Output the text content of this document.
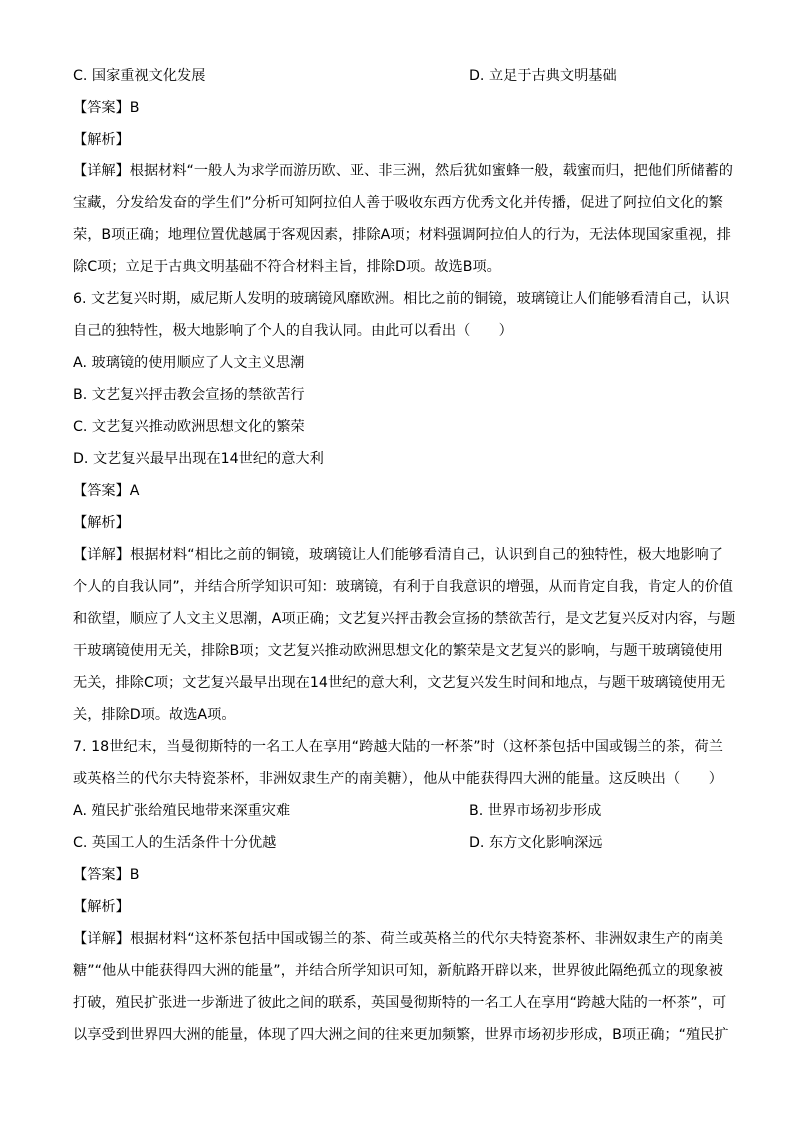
C. 国家重视文化发展	D. 立足于古典文明基础
【答案】B
【解析】
【详解】根据材料“一般人为求学而游历欧、亚、非三洲，然后犹如蜜蜂一般，载蜜而归，把他们所储蓄的
宝藏，分发给发奋的学生们”分析可知阿拉伯人善于吸收东西方优秀文化并传播，促进了阿拉伯文化的繁
荣，B项正确；地理位置优越属于客观因素，排除A项；材料强调阿拉伯人的行为，无法体现国家重视，排
除C项；立足于古典文明基础不符合材料主旨，排除D项。故选B项。
6. 文艺复兴时期，威尼斯人发明的玻璃镜风靡欧洲。相比之前的铜镜，玻璃镜让人们能够看清自己，认识
自己的独特性，极大地影响了个人的自我认同。由此可以看出（　　）
A. 玻璃镜的使用顺应了人文主义思潮
B. 文艺复兴抨击教会宣扬的禁欲苦行
C. 文艺复兴推动欧洲思想文化的繁荣
D. 文艺复兴最早出现在14世纪的意大利
【答案】A
【解析】
【详解】根据材料“相比之前的铜镜，玻璃镜让人们能够看清自己，认识到自己的独特性，极大地影响了
个人的自我认同”，并结合所学知识可知：玻璃镜，有利于自我意识的增强，从而肯定自我，肯定人的价值
和欲望，顺应了人文主义思潮，A项正确；文艺复兴抨击教会宣扬的禁欲苦行，是文艺复兴反对内容，与题
干玻璃镜使用无关，排除B项；文艺复兴推动欧洲思想文化的繁荣是文艺复兴的影响，与题干玻璃镜使用
无关，排除C项；文艺复兴最早出现在14世纪的意大利，文艺复兴发生时间和地点，与题干玻璃镜使用无
关，排除D项。故选A项。
7. 18世纪末，当曼彻斯特的一名工人在享用“跨越大陆的一杯茶”时（这杯茶包括中国或锡兰的茶，荷兰
或英格兰的代尔夫特瓷茶杯，非洲奴隶生产的南美糖），他从中能获得四大洲的能量。这反映出（　　）
A. 殖民扩张给殖民地带来深重灾难	B. 世界市场初步形成
C. 英国工人的生活条件十分优越	D. 东方文化影响深远
【答案】B
【解析】
【详解】根据材料“这杯茶包括中国或锡兰的茶、荷兰或英格兰的代尔夫特瓷茶杯、非洲奴隶生产的南美
糖”“他从中能获得四大洲的能量”，并结合所学知识可知，新航路开辟以来，世界彼此隔绝孤立的现象被
打破，殖民扩张进一步渐进了彼此之间的联系，英国曼彻斯特的一名工人在享用“跨越大陆的一杯茶”，可
以享受到世界四大洲的能量，体现了四大洲之间的往来更加频繁，世界市场初步形成，B项正确；“殖民扩
